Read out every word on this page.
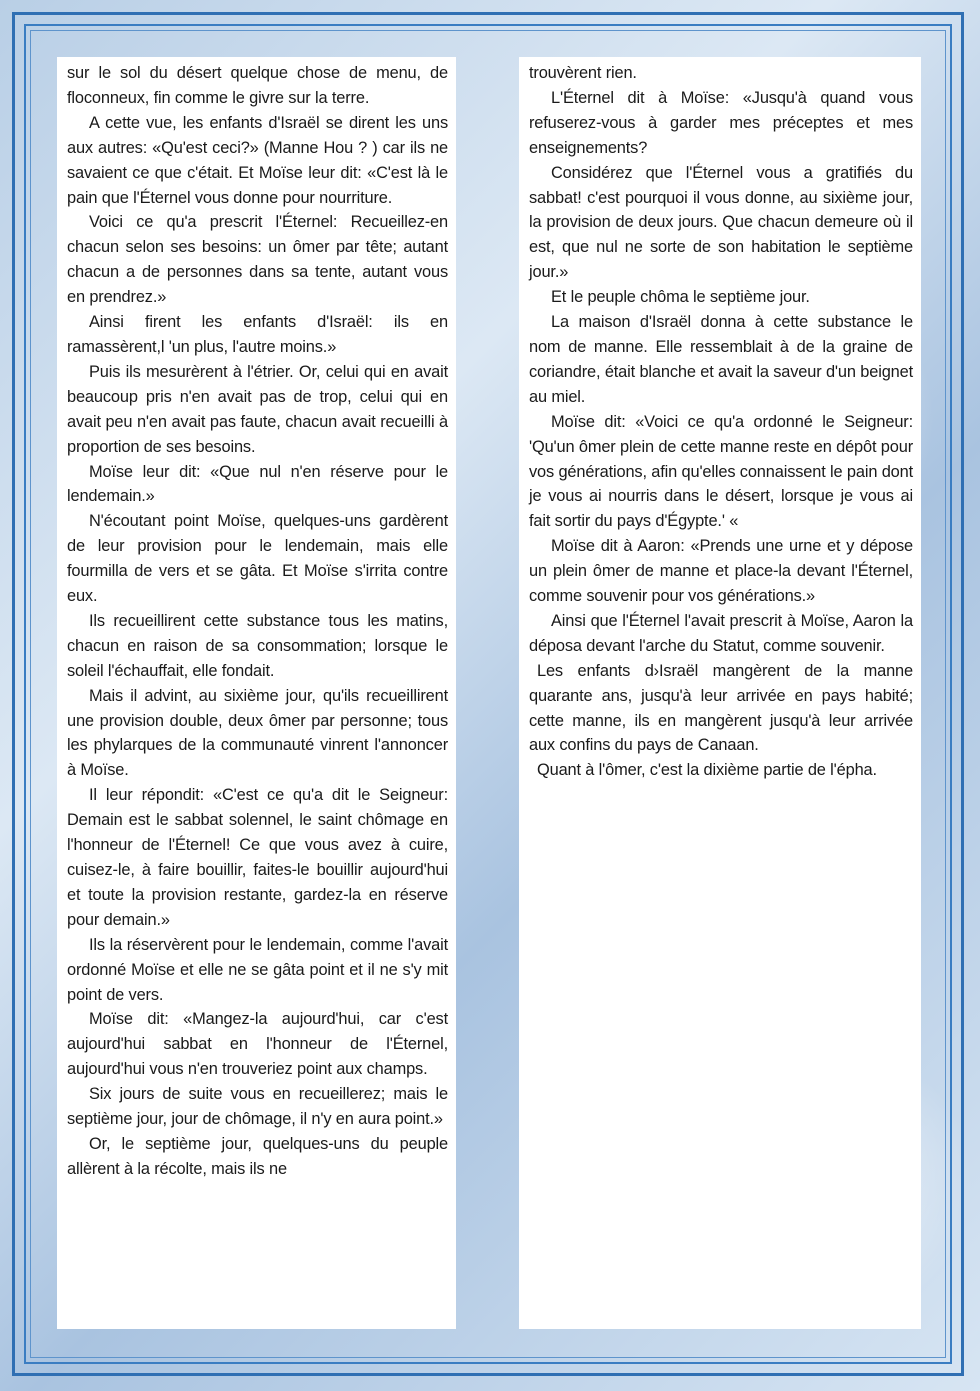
sur le sol du désert quelque chose de menu, de floconneux, fin comme le givre sur la terre.

A cette vue, les enfants d'Israël se dirent les uns aux autres: «Qu'est ceci?» (Manne Hou ? ) car ils ne savaient ce que c'était. Et Moïse leur dit: «C'est là le pain que l'Éternel vous donne pour nourriture.

Voici ce qu'a prescrit l'Éternel: Recueillez-en chacun selon ses besoins: un ômer par tête; autant chacun a de personnes dans sa tente, autant vous en prendrez.»

Ainsi firent les enfants d'Israël: ils en ramassèrent,l 'un plus, l'autre moins.»

Puis ils mesurèrent à l'étrier. Or, celui qui en avait beaucoup pris n'en avait pas de trop, celui qui en avait peu n'en avait pas faute, chacun avait recueilli à proportion de ses besoins.

Moïse leur dit: «Que nul n'en réserve pour le lendemain.»

N'écoutant point Moïse, quelques-uns gardèrent de leur provision pour le lendemain, mais elle fourmilla de vers et se gâta. Et Moïse s'irrita contre eux.

Ils recueillirent cette substance tous les matins, chacun en raison de sa consommation; lorsque le soleil l'échauffait, elle fondait.

Mais il advint, au sixième jour, qu'ils recueillirent une provision double, deux ômer par personne; tous les phylarques de la communauté vinrent l'annoncer à Moïse.

Il leur répondit: «C'est ce qu'a dit le Seigneur: Demain est le sabbat solennel, le saint chômage en l'honneur de l'Éternel! Ce que vous avez à cuire, cuisez-le, à faire bouillir, faites-le bouillir aujourd'hui et toute la provision restante, gardez-la en réserve pour demain.»

Ils la réservèrent pour le lendemain, comme l'avait ordonné Moïse et elle ne se gâta point et il ne s'y mit point de vers.

Moïse dit: «Mangez-la aujourd'hui, car c'est aujourd'hui sabbat en l'honneur de l'Éternel, aujourd'hui vous n'en trouveriez point aux champs.

Six jours de suite vous en recueillerez; mais le septième jour, jour de chômage, il n'y en aura point.»

Or, le septième jour, quelques-uns du peuple allèrent à la récolte, mais ils ne

trouvèrent rien.

L'Éternel dit à Moïse: «Jusqu'à quand vous refuserez-vous à garder mes préceptes et mes enseignements?

Considérez que l'Éternel vous a gratifiés du sabbat! c'est pourquoi il vous donne, au sixième jour, la provision de deux jours. Que chacun demeure où il est, que nul ne sorte de son habitation le septième jour.»

Et le peuple chôma le septième jour.

La maison d'Israël donna à cette substance le nom de manne. Elle ressemblait à de la graine de coriandre, était blanche et avait la saveur d'un beignet au miel.

Moïse dit: «Voici ce qu'a ordonné le Seigneur: 'Qu'un ômer plein de cette manne reste en dépôt pour vos générations, afin qu'elles connaissent le pain dont je vous ai nourris dans le désert, lorsque je vous ai fait sortir du pays d'Égypte.' «

Moïse dit à Aaron: «Prends une urne et y dépose un plein ômer de manne et place-la devant l'Éternel, comme souvenir pour vos générations.»

Ainsi que l'Éternel l'avait prescrit à Moïse, Aaron la déposa devant l'arche du Statut, comme souvenir.

Les enfants d›Israël mangèrent de la manne quarante ans, jusqu'à leur arrivée en pays habité; cette manne, ils en mangèrent jusqu'à leur arrivée aux confins du pays de Canaan.

Quant à l'ômer, c'est la dixième partie de l'épha.
